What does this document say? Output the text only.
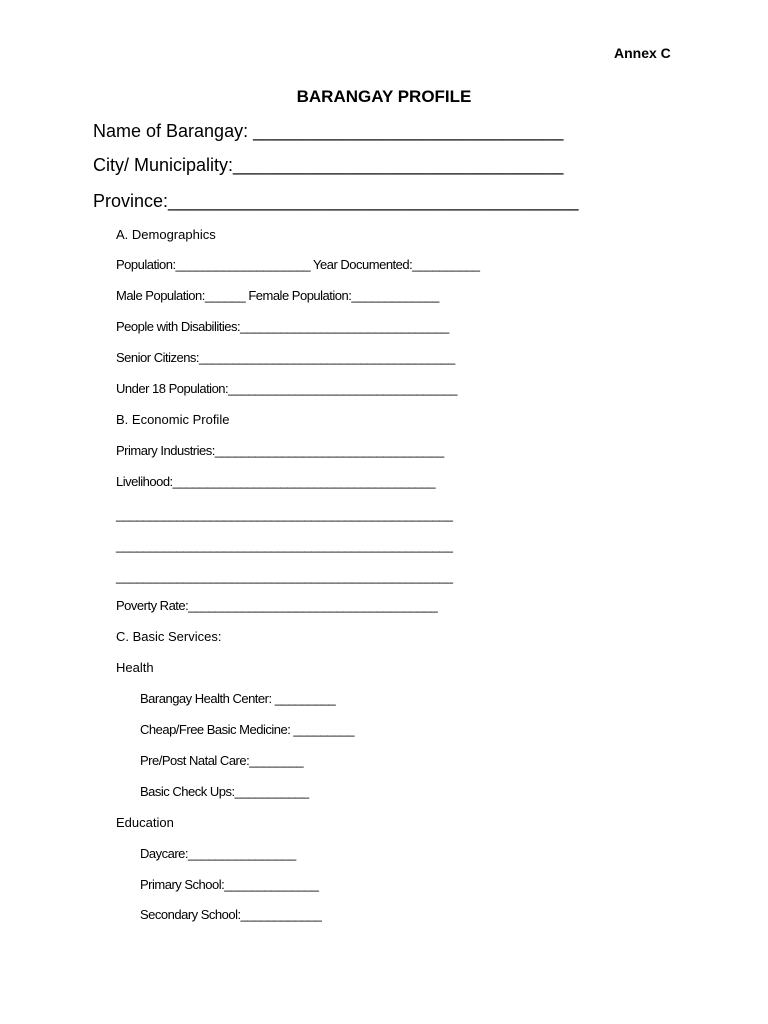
Annex C
BARANGAY PROFILE
Name of Barangay: _______________________________
City/ Municipality:_________________________________
Province:_________________________________________
A. Demographics
Population:____________________ Year Documented:__________
Male Population:______ Female Population:_____________
People with Disabilities:_______________________________
Senior Citizens:______________________________________
Under 18 Population:__________________________________
B. Economic Profile
Primary Industries:__________________________________
Livelihood:_______________________________________
__________________________________________________
__________________________________________________
__________________________________________________
Poverty Rate:_____________________________________
C. Basic Services:
Health
Barangay Health Center: _________
Cheap/Free Basic Medicine: _________
Pre/Post Natal Care:________
Basic Check Ups:___________
Education
Daycare:________________
Primary School:______________
Secondary School:____________
